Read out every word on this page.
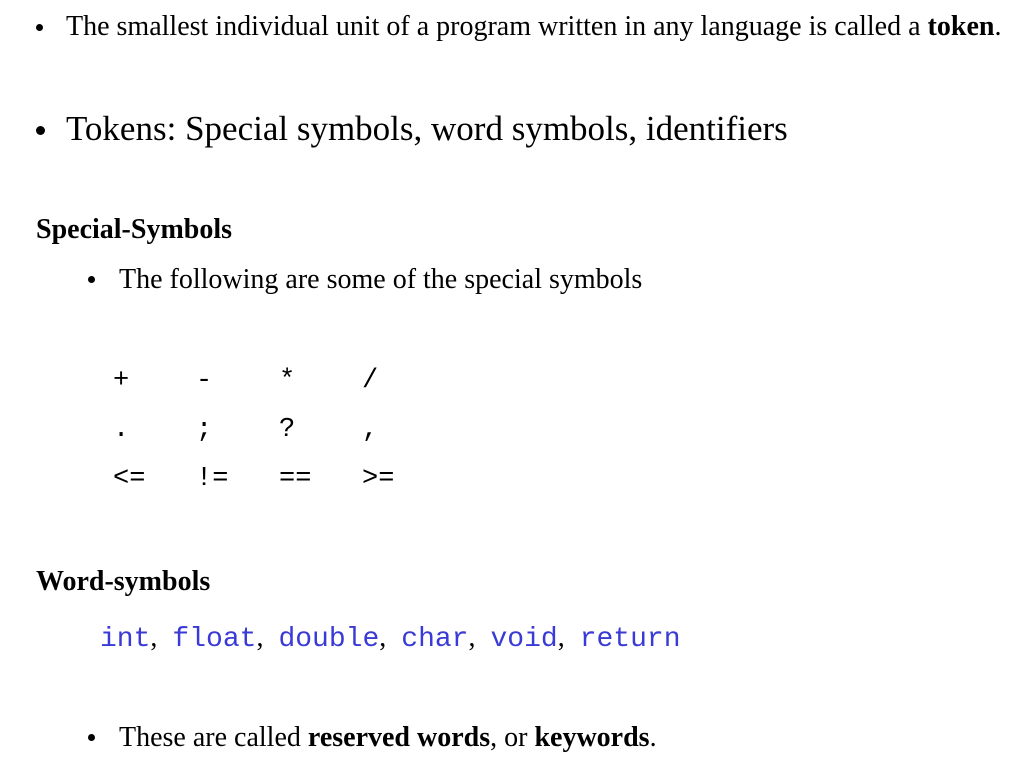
The smallest individual unit of a program written in any language is called a token.
Tokens: Special symbols, word symbols, identifiers
Special-Symbols
The following are some of the special symbols
+	-	*	/
.	;	?	,
<=	!=	==	>=
Word-symbols
int, float, double, char, void, return
These are called reserved words, or keywords.
